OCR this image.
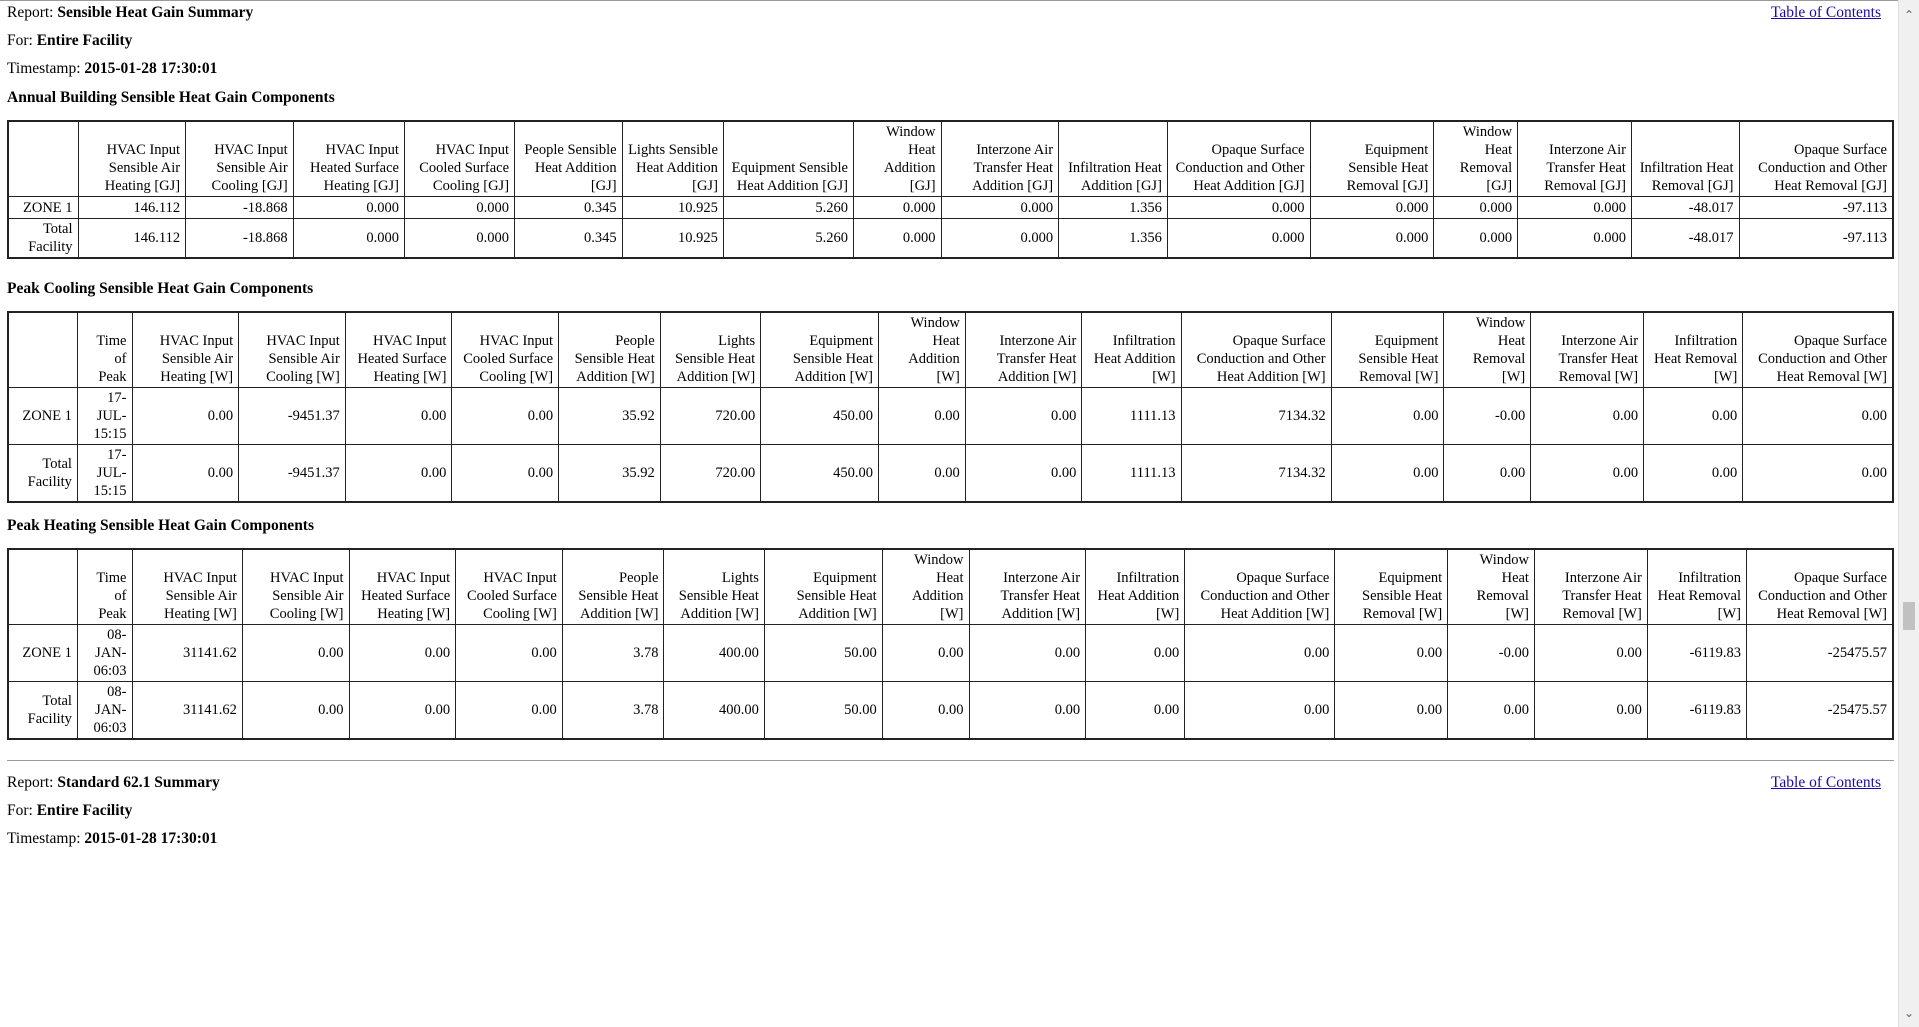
Report: Sensible Heat Gain Summary	Table of Contents
For: Entire Facility
Timestamp: 2015-01-28 17:30:01
Annual Building Sensible Heat Gain Components
	HVAC Input Sensible Air Heating [GJ]	HVAC Input Sensible Air Cooling [GJ]	HVAC Input Heated Surface Heating [GJ]	HVAC Input Cooled Surface Cooling [GJ]	People Sensible Heat Addition [GJ]	Lights Sensible Heat Addition [GJ]	Equipment Sensible Heat Addition [GJ]	Window Heat Addition [GJ]	Interzone Air Transfer Heat Addition [GJ]	Infiltration Heat Addition [GJ]	Opaque Surface Conduction and Other Heat Addition [GJ]	Equipment Sensible Heat Removal [GJ]	Window Heat Removal [GJ]	Interzone Air Transfer Heat Removal [GJ]	Infiltration Heat Removal [GJ]	Opaque Surface Conduction and Other Heat Removal [GJ]
ZONE 1	146.112	-18.868	0.000	0.000	0.345	10.925	5.260	0.000	0.000	1.356	0.000	0.000	0.000	0.000	-48.017	-97.113
Total Facility	146.112	-18.868	0.000	0.000	0.345	10.925	5.260	0.000	0.000	1.356	0.000	0.000	0.000	0.000	-48.017	-97.113
Peak Cooling Sensible Heat Gain Components
	Time of Peak	HVAC Input Sensible Air Heating [W]	HVAC Input Sensible Air Cooling [W]	HVAC Input Heated Surface Heating [W]	HVAC Input Cooled Surface Cooling [W]	People Sensible Heat Addition [W]	Lights Sensible Heat Addition [W]	Equipment Sensible Heat Addition [W]	Window Heat Addition [W]	Interzone Air Transfer Heat Addition [W]	Infiltration Heat Addition [W]	Opaque Surface Conduction and Other Heat Addition [W]	Equipment Sensible Heat Removal [W]	Window Heat Removal [W]	Interzone Air Transfer Heat Removal [W]	Infiltration Heat Removal [W]	Opaque Surface Conduction and Other Heat Removal [W]
ZONE 1	17-JUL-15:15	0.00	-9451.37	0.00	0.00	35.92	720.00	450.00	0.00	0.00	1111.13	7134.32	0.00	-0.00	0.00	0.00	0.00
Total Facility	17-JUL-15:15	0.00	-9451.37	0.00	0.00	35.92	720.00	450.00	0.00	0.00	1111.13	7134.32	0.00	0.00	0.00	0.00	0.00
Peak Heating Sensible Heat Gain Components
	Time of Peak	HVAC Input Sensible Air Heating [W]	HVAC Input Sensible Air Cooling [W]	HVAC Input Heated Surface Heating [W]	HVAC Input Cooled Surface Cooling [W]	People Sensible Heat Addition [W]	Lights Sensible Heat Addition [W]	Equipment Sensible Heat Addition [W]	Window Heat Addition [W]	Interzone Air Transfer Heat Addition [W]	Infiltration Heat Addition [W]	Opaque Surface Conduction and Other Heat Addition [W]	Equipment Sensible Heat Removal [W]	Window Heat Removal [W]	Interzone Air Transfer Heat Removal [W]	Infiltration Heat Removal [W]	Opaque Surface Conduction and Other Heat Removal [W]
ZONE 1	08-JAN-06:03	31141.62	0.00	0.00	0.00	3.78	400.00	50.00	0.00	0.00	0.00	0.00	0.00	-0.00	0.00	-6119.83	-25475.57
Total Facility	08-JAN-06:03	31141.62	0.00	0.00	0.00	3.78	400.00	50.00	0.00	0.00	0.00	0.00	0.00	0.00	0.00	-6119.83	-25475.57
Report: Standard 62.1 Summary	Table of Contents
For: Entire Facility
Timestamp: 2015-01-28 17:30:01
⌃
⌄
